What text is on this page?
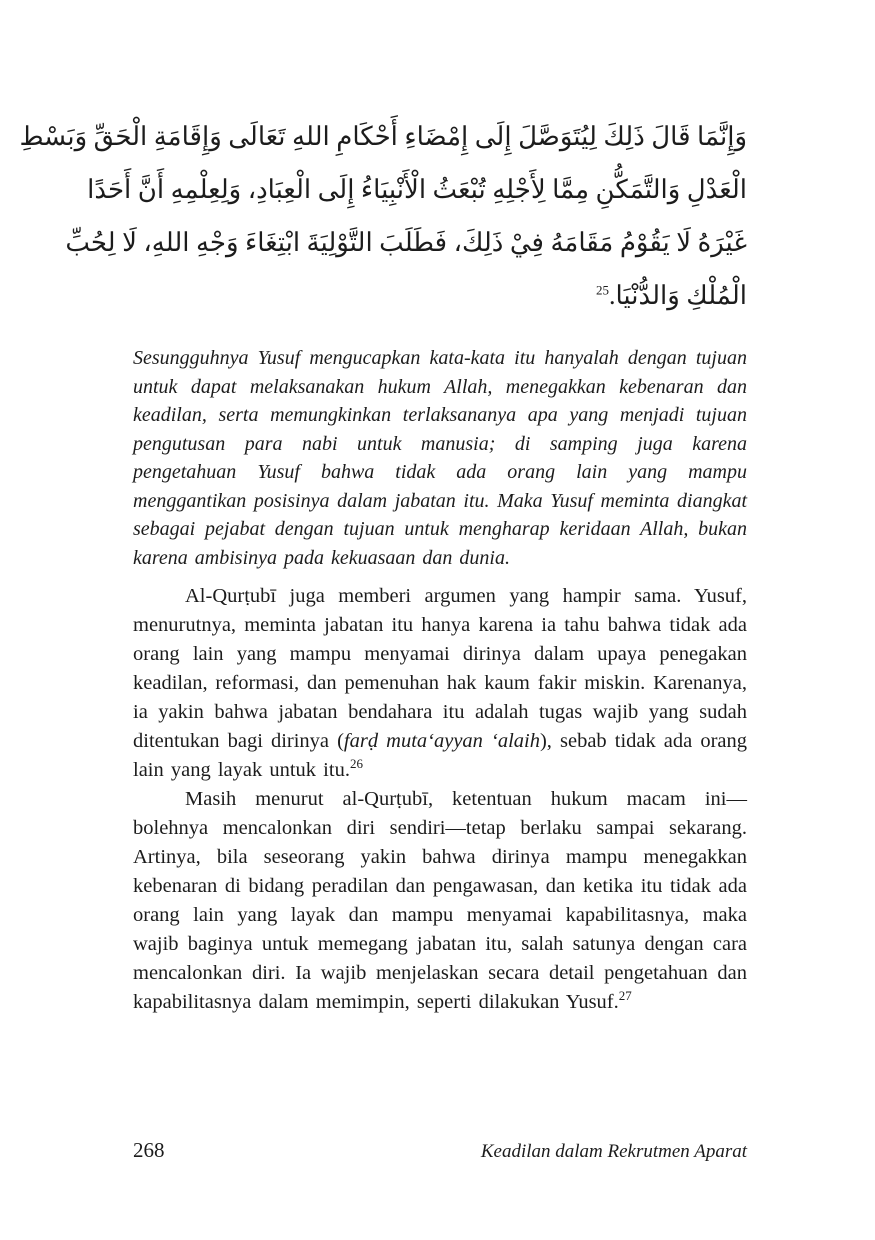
وَإِنَّمَا قَالَ ذَلِكَ لِيُتَوَصَّلَ إِلَى إِمْضَاءِ أَحْكَامِ اللهِ تَعَالَى وَإِقَامَةِ الْحَقِّ وَبَسْطِ
الْعَدْلِ وَالتَّمَكُّنِ مِمَّا لِأَجْلِهِ تُبْعَثُ الْأَنْبِيَاءُ إِلَى الْعِبَادِ، وَلِعِلْمِهِ أَنَّ أَحَدًا
غَيْرَهُ لَا يَقُوْمُ مَقَامَهُ فِيْ ذَلِكَ، فَطَلَبَ التَّوْلِيَةَ ابْتِغَاءَ وَجْهِ اللهِ، لَا لِحُبِّ
الْمُلْكِ وَالدُّنْيَا.$^{25}$

Sesungguhnya Yusuf mengucapkan kata-kata itu hanyalah dengan tujuan untuk dapat melaksanakan hukum Allah, menegakkan kebenaran dan keadilan, serta memungkinkan terlaksananya apa yang menjadi tujuan pengutusan para nabi untuk manusia; di samping juga karena pengetahuan Yusuf bahwa tidak ada orang lain yang mampu menggantikan posisinya dalam jabatan itu. Maka Yusuf meminta diangkat sebagai pejabat dengan tujuan untuk mengharap keridaan Allah, bukan karena ambisinya pada kekuasaan dan dunia.

Al-Qurṭubī juga memberi argumen yang hampir sama. Yusuf, menurutnya, meminta jabatan itu hanya karena ia tahu bahwa tidak ada orang lain yang mampu menyamai dirinya dalam upaya penegakan keadilan, reformasi, dan pemenuhan hak kaum fakir miskin. Karenanya, ia yakin bahwa jabatan bendahara itu adalah tugas wajib yang sudah ditentukan bagi dirinya (farḍ muta‘ayyan ‘alaih), sebab tidak ada orang lain yang layak untuk itu.$^{26}$

Masih menurut al-Qurṭubī, ketentuan hukum macam ini—bolehnya mencalonkan diri sendiri—tetap berlaku sampai sekarang. Artinya, bila seseorang yakin bahwa dirinya mampu menegakkan kebenaran di bidang peradilan dan pengawasan, dan ketika itu tidak ada orang lain yang layak dan mampu menyamai kapabilitasnya, maka wajib baginya untuk memegang jabatan itu, salah satunya dengan cara mencalonkan diri. Ia wajib menjelaskan secara detail pengetahuan dan kapabilitasnya dalam memimpin, seperti dilakukan Yusuf.$^{27}$

268	Keadilan dalam Rekrutmen Aparat
